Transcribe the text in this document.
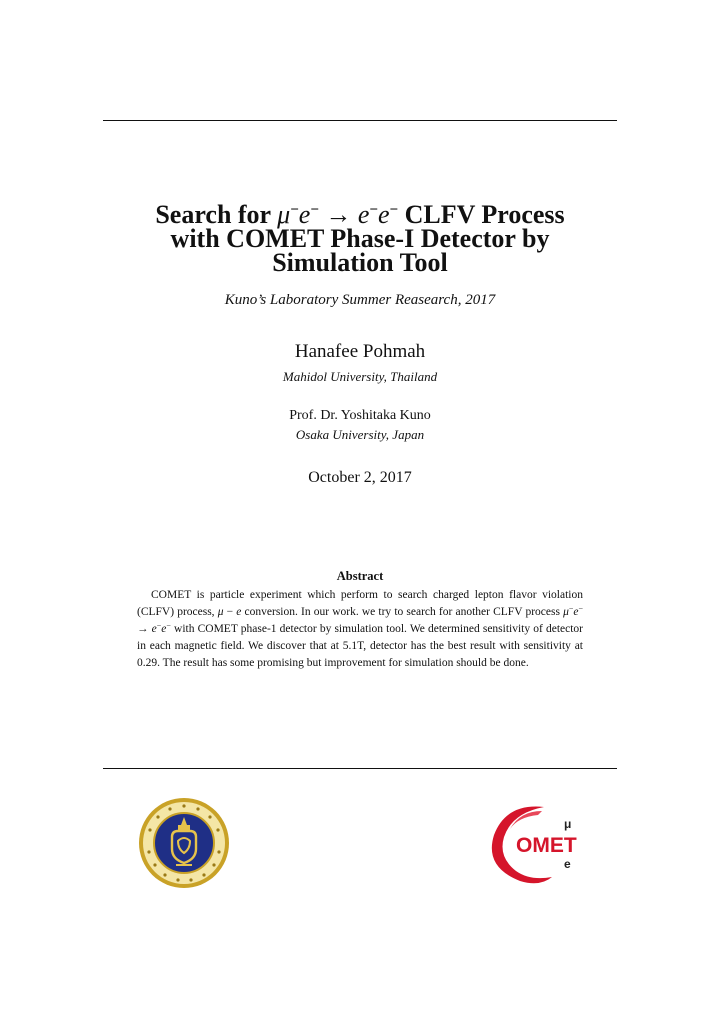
Search for μ−e− → e−e− CLFV Process
with COMET Phase-I Detector by
Simulation Tool
Kuno’s Laboratory Summer Reasearch, 2017
Hanafee Pohmah
Mahidol University, Thailand
Prof. Dr. Yoshitaka Kuno
Osaka University, Japan
October 2, 2017
Abstract
COMET is particle experiment which perform to search charged lepton flavor violation (CLFV) process, μ − e conversion. In our work. we try to search for another CLFV process μ−e− → e−e− with COMET phase-1 detector by simulation tool. We determined sensitivity of detector in each magnetic field. We discover that at 5.1T, detector has the best result with sensitivity at 0.29. The result has some promising but improvement for simulation should be done.
OMET
μ
e
